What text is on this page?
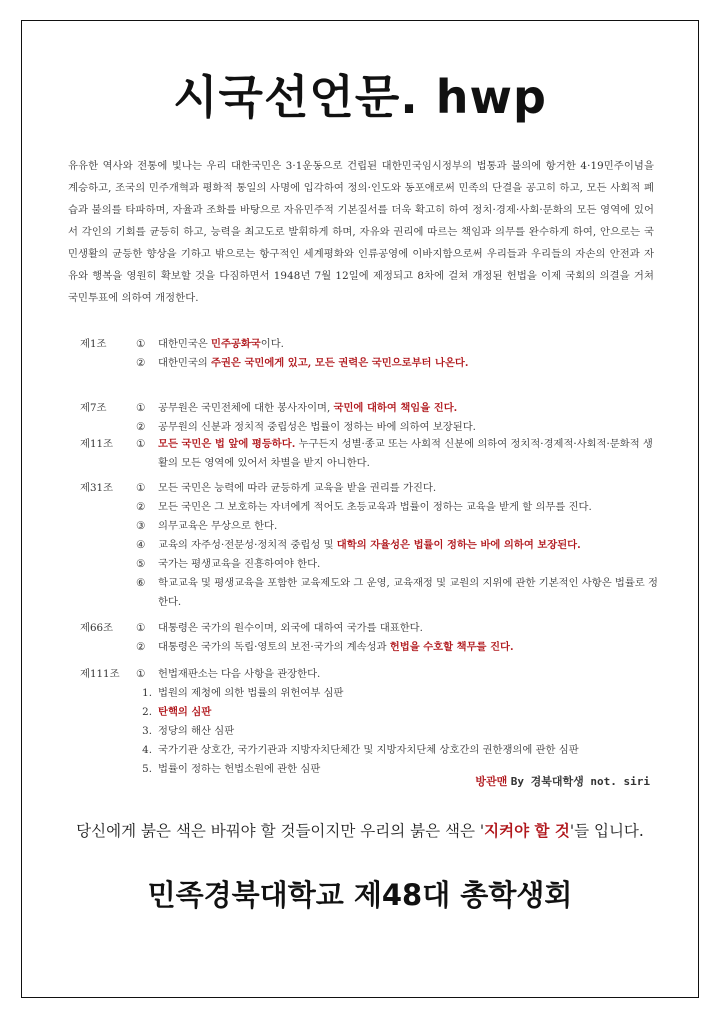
시국선언문. hwp
유유한 역사와 전통에 빛나는 우리 대한국민은 3·1운동으로 건립된 대한민국임시정부의 법통과 불의에 항거한 4·19민주이념을 계승하고, 조국의 민주개혁과 평화적 통일의 사명에 입각하여 정의·인도와 동포애로써 민족의 단결을 공고히 하고, 모든 사회적 폐습과 불의를 타파하며, 자율과 조화를 바탕으로 자유민주적 기본질서를 더욱 확고히 하여 정치·경제·사회·문화의 모든 영역에 있어서 각인의 기회를 균등히 하고, 능력을 최고도로 발휘하게 하며, 자유와 권리에 따르는 책임과 의무를 완수하게 하여, 안으로는 국민생활의 균등한 향상을 기하고 밖으로는 항구적인 세계평화와 인류공영에 이바지함으로써 우리들과 우리들의 자손의 안전과 자유와 행복을 영원히 확보할 것을 다짐하면서 1948년 7월 12일에 제정되고 8차에 걸쳐 개정된 헌법을 이제 국회의 의결을 거쳐 국민투표에 의하여 개정한다.
제1조	①	대한민국은 민주공화국이다.
②	대한민국의 주권은 국민에게 있고, 모든 권력은 국민으로부터 나온다.
제7조	①	공무원은 국민전체에 대한 봉사자이며, 국민에 대하여 책임을 진다.
②	공무원의 신분과 정치적 중립성은 법률이 정하는 바에 의하여 보장된다.
제11조	①	모든 국민은 법 앞에 평등하다. 누구든지 성별·종교 또는 사회적 신분에 의하여 정치적·경제적·사회적·문화적 생활의 모든 영역에 있어서 차별을 받지 아니한다.
제31조	①	모든 국민은 능력에 따라 균등하게 교육을 받을 권리를 가진다.
②	모든 국민은 그 보호하는 자녀에게 적어도 초등교육과 법률이 정하는 교육을 받게 할 의무를 진다.
③	의무교육은 무상으로 한다.
④	교육의 자주성·전문성·정치적 중립성 및 대학의 자율성은 법률이 정하는 바에 의하여 보장된다.
⑤	국가는 평생교육을 진흥하여야 한다.
⑥	학교교육 및 평생교육을 포함한 교육제도와 그 운영, 교육재정 및 교원의 지위에 관한 기본적인 사항은 법률로 정한다.
제66조	①	대통령은 국가의 원수이며, 외국에 대하여 국가를 대표한다.
②	대통령은 국가의 독립·영토의 보전·국가의 계속성과 헌법을 수호할 책무를 진다.
제111조	①	헌법재판소는 다음 사항을 관장한다.
1. 법원의 제청에 의한 법률의 위헌여부 심판
2. 탄핵의 심판
3. 정당의 해산 심판
4. 국가기관 상호간, 국가기관과 지방자치단체간 및 지방자치단체 상호간의 권한쟁의에 관한 심판
5. 법률이 정하는 헌법소원에 관한 심판
방관맨 By 경북대학생 not. siri
당신에게 붉은 색은 바꿔야 할 것들이지만 우리의 붉은 색은 '지켜야 할 것'들 입니다.
민족경북대학교 제48대 총학생회
